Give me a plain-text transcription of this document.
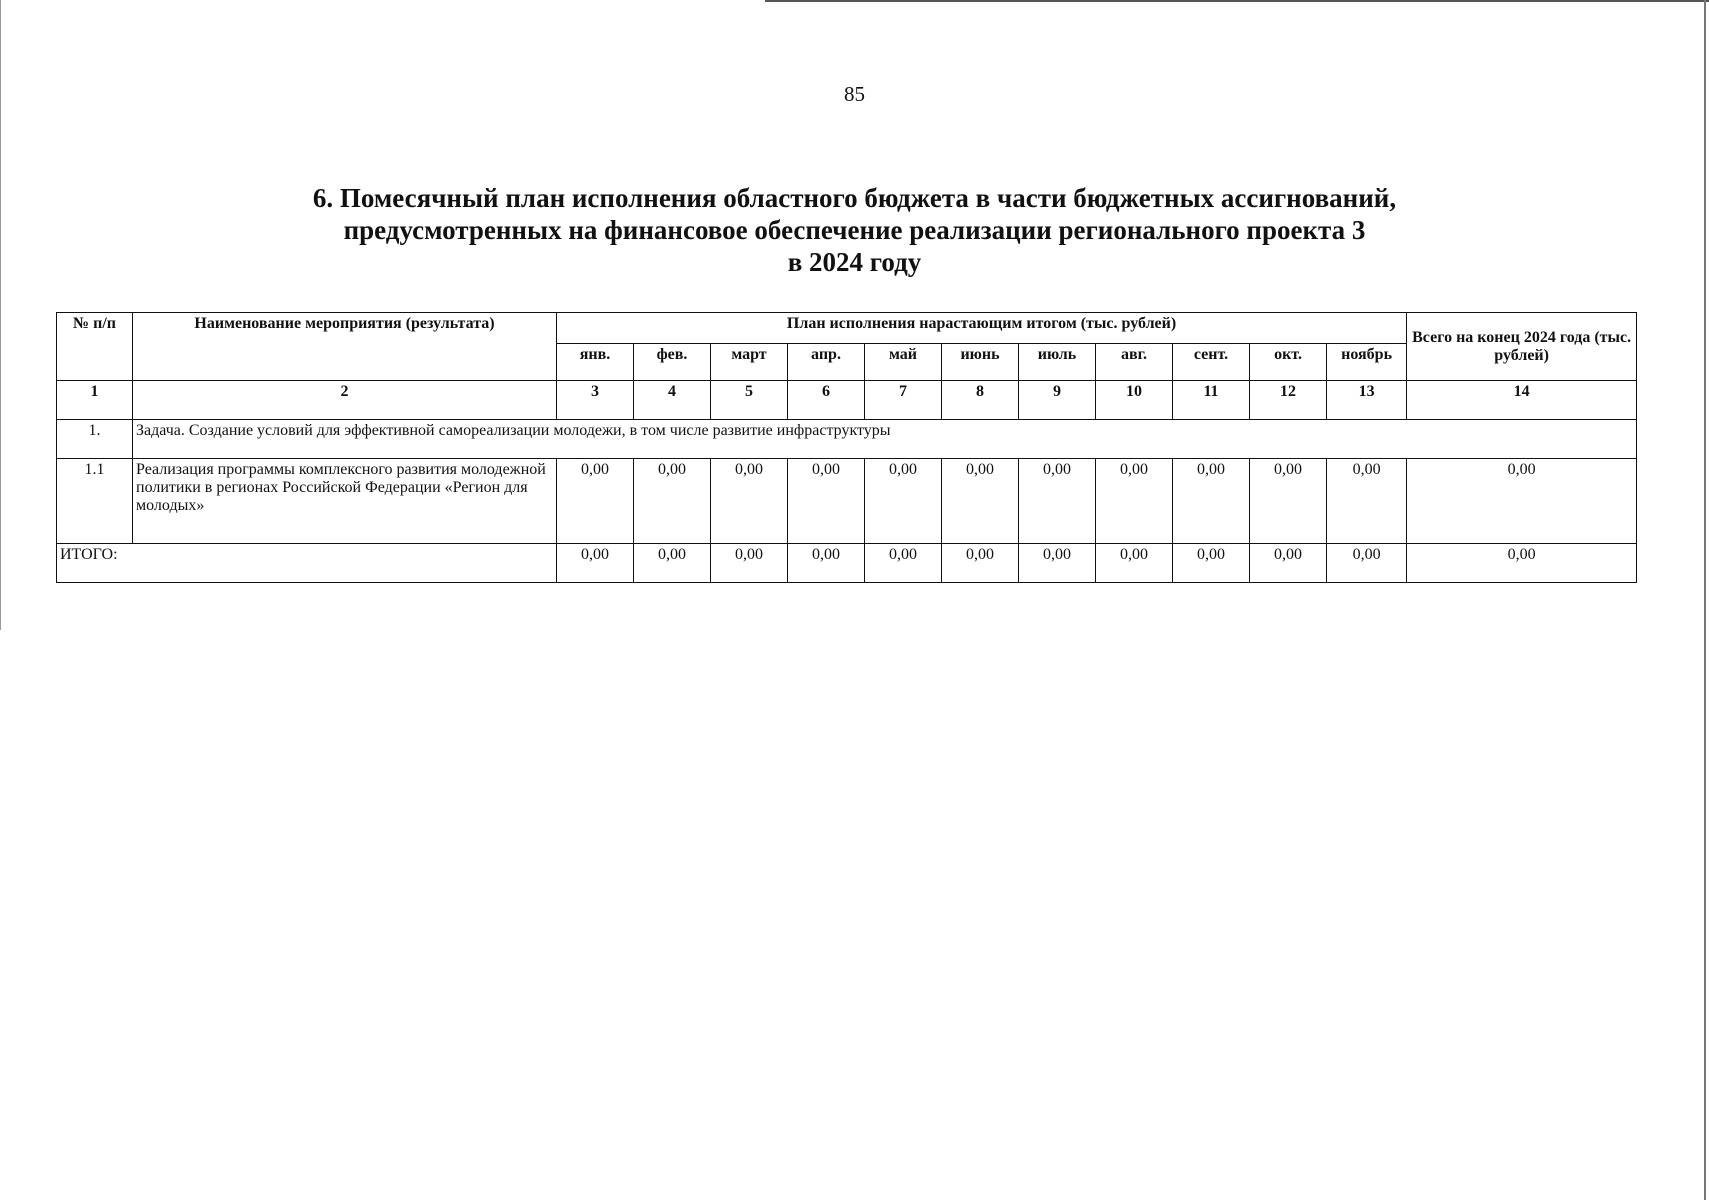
85
6. Помесячный план исполнения областного бюджета в части бюджетных ассигнований,
предусмотренных на финансовое обеспечение реализации регионального проекта 3
в 2024 году
№ п/п	Наименование мероприятия (результата)	План исполнения нарастающим итогом (тыс. рублей)											Всего на конец 2024 года (тыс. рублей)
		янв.	фев.	март	апр.	май	июнь	июль	авг.	сент.	окт.	ноябрь	
1	2	3	4	5	6	7	8	9	10	11	12	13	14
1.	Задача. Создание условий для эффективной самореализации молодежи, в том числе развитие инфраструктуры												
1.1	Реализация программы комплексного развития молодежной политики в регионах Российской Федерации «Регион для молодых»	0,00	0,00	0,00	0,00	0,00	0,00	0,00	0,00	0,00	0,00	0,00	0,00
ИТОГО:		0,00	0,00	0,00	0,00	0,00	0,00	0,00	0,00	0,00	0,00	0,00	0,00
